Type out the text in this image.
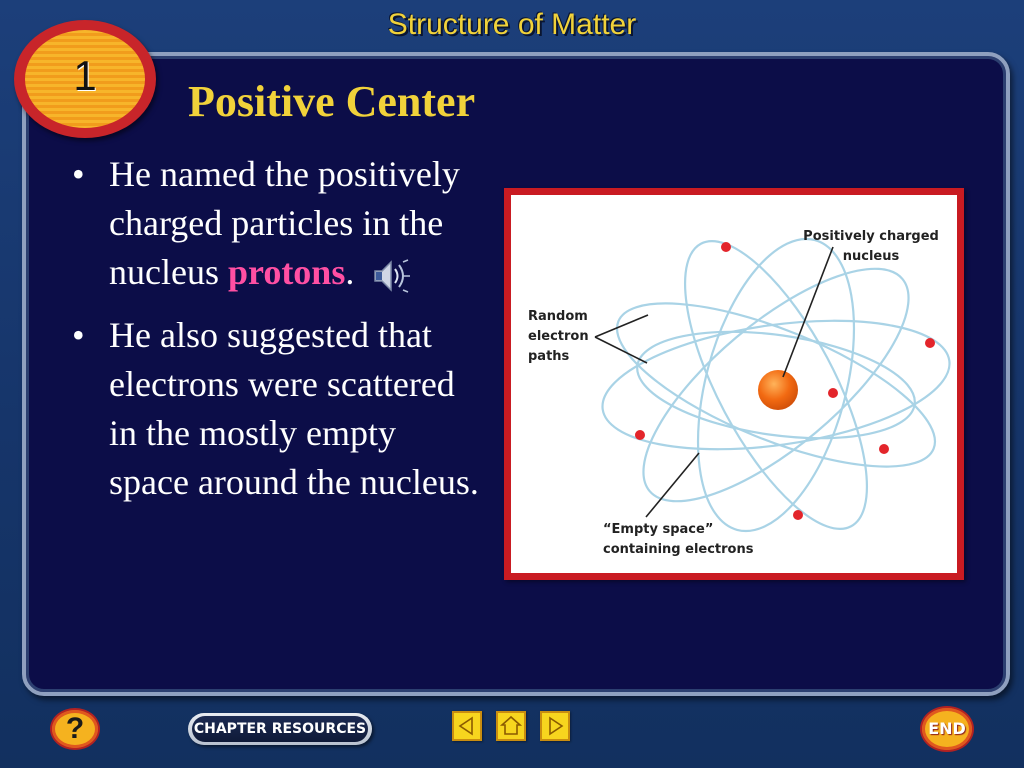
Structure of Matter
1
Positive Center
• He named the positively charged particles in the nucleus protons.
• He also suggested that electrons were scattered in the mostly empty space around the nucleus.
Positively charged
nucleus
Random
electron
paths
“Empty space”
containing electrons
?	CHAPTER RESOURCES	END
